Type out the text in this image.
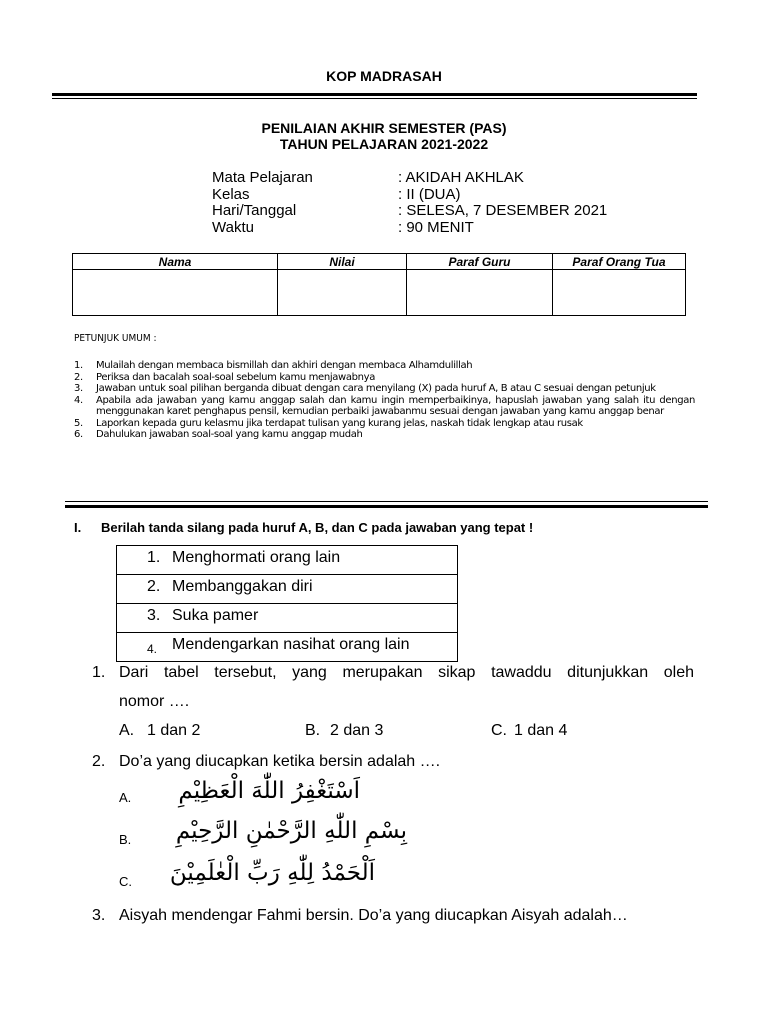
KOP MADRASAH
PENILAIAN AKHIR SEMESTER (PAS)
TAHUN PELAJARAN 2021-2022
Mata Pelajaran	: AKIDAH AKHLAK
Kelas	: II (DUA)
Hari/Tanggal	: SELESA, 7 DESEMBER 2021
Waktu	: 90 MENIT
Nama	Nilai	Paraf Guru	Paraf Orang Tua

PETUNJUK UMUM :
1. Mulailah dengan membaca bismillah dan akhiri dengan membaca Alhamdulillah
2. Periksa dan bacalah soal-soal sebelum kamu menjawabnya
3. Jawaban untuk soal pilihan berganda dibuat dengan cara menyilang (X) pada huruf A, B atau C sesuai dengan petunjuk
4. Apabila ada jawaban yang kamu anggap salah dan kamu ingin memperbaikinya, hapuslah jawaban yang salah itu dengan menggunakan karet penghapus pensil, kemudian perbaiki jawabanmu sesuai dengan jawaban yang kamu anggap benar
5. Laporkan kepada guru kelasmu jika terdapat tulisan yang kurang jelas, naskah tidak lengkap atau rusak
6. Dahulukan jawaban soal-soal yang kamu anggap mudah
I. Berilah tanda silang pada huruf A, B, dan C pada jawaban yang tepat !
1. Menghormati orang lain

2. Membanggakan diri

3. Suka pamer

4. Mendengarkan nasihat orang lain
1. Dari tabel tersebut, yang merupakan sikap tawaddu ditunjukkan oleh
nomor ….
A. 1 dan 2	B. 2 dan 3	C. 1 dan 4
2. Do’a yang diucapkan ketika bersin adalah ….
A.	اَسْتَغْفِرُ اللّٰهَ الْعَظِيْمِ
B.	بِسْمِ اللّٰهِ الرَّحْمٰنِ الرَّحِيْمِ
C.	اَلْحَمْدُ لِلّٰهِ رَبِّ الْعٰلَمِيْنَ
3. Aisyah mendengar Fahmi bersin. Do’a yang diucapkan Aisyah adalah…
